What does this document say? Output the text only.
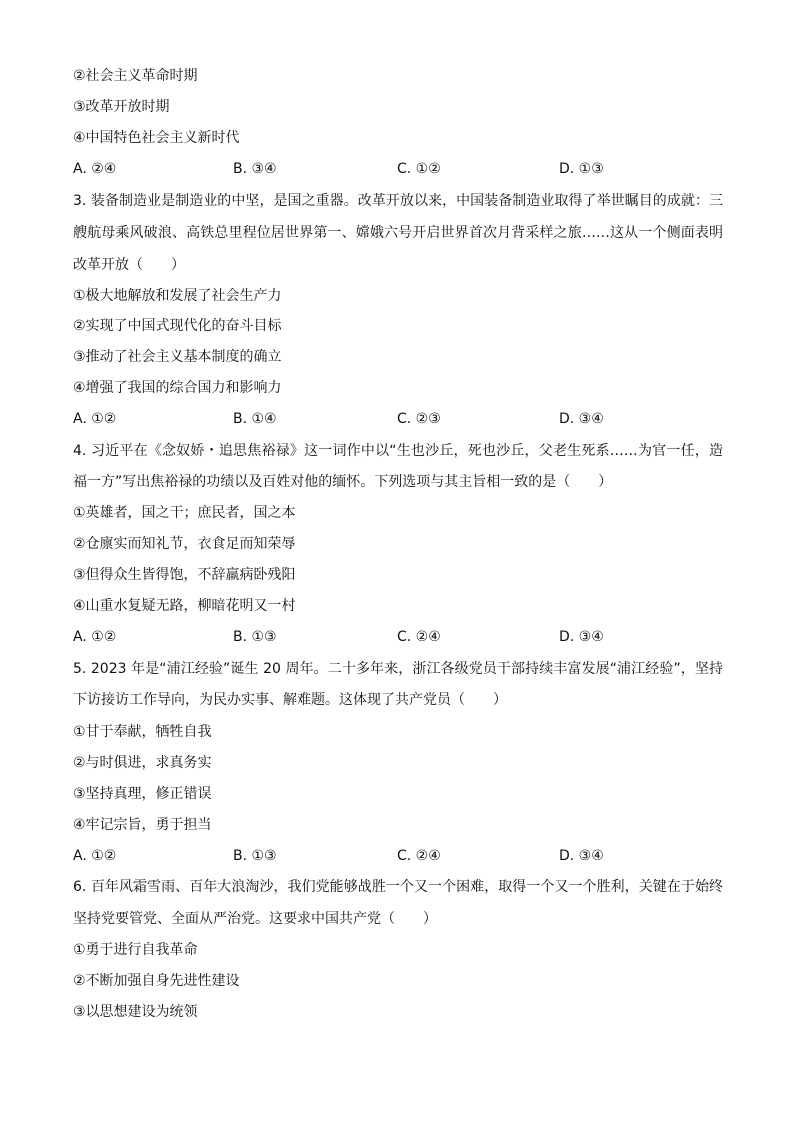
②社会主义革命时期
③改革开放时期
④中国特色社会主义新时代
A. ②④	B. ③④	C. ①②	D. ①③
3. 装备制造业是制造业的中坚，是国之重器。改革开放以来，中国装备制造业取得了举世瞩目的成就：三
艘航母乘风破浪、高铁总里程位居世界第一、嫦娥六号开启世界首次月背采样之旅……这从一个侧面表明
改革开放（　　）
①极大地解放和发展了社会生产力
②实现了中国式现代化的奋斗目标
③推动了社会主义基本制度的确立
④增强了我国的综合国力和影响力
A. ①②	B. ①④	C. ②③	D. ③④
4. 习近平在《念奴娇・追思焦裕禄》这一词作中以“生也沙丘，死也沙丘，父老生死系……为官一任，造
福一方”写出焦裕禄的功绩以及百姓对他的缅怀。下列选项与其主旨相一致的是（　　）
①英雄者，国之干；庶民者，国之本
②仓廪实而知礼节，衣食足而知荣辱
③但得众生皆得饱，不辞羸病卧残阳
④山重水复疑无路，柳暗花明又一村
A. ①②	B. ①③	C. ②④	D. ③④
5. 2023 年是“浦江经验”诞生 20 周年。二十多年来，浙江各级党员干部持续丰富发展“浦江经验”，坚持
下访接访工作导向，为民办实事、解难题。这体现了共产党员（　　）
①甘于奉献，牺牲自我
②与时俱进，求真务实
③坚持真理，修正错误
④牢记宗旨，勇于担当
A. ①②	B. ①③	C. ②④	D. ③④
6. 百年风霜雪雨、百年大浪淘沙，我们党能够战胜一个又一个困难，取得一个又一个胜利，关键在于始终
坚持党要管党、全面从严治党。这要求中国共产党（　　）
①勇于进行自我革命
②不断加强自身先进性建设
③以思想建设为统领
